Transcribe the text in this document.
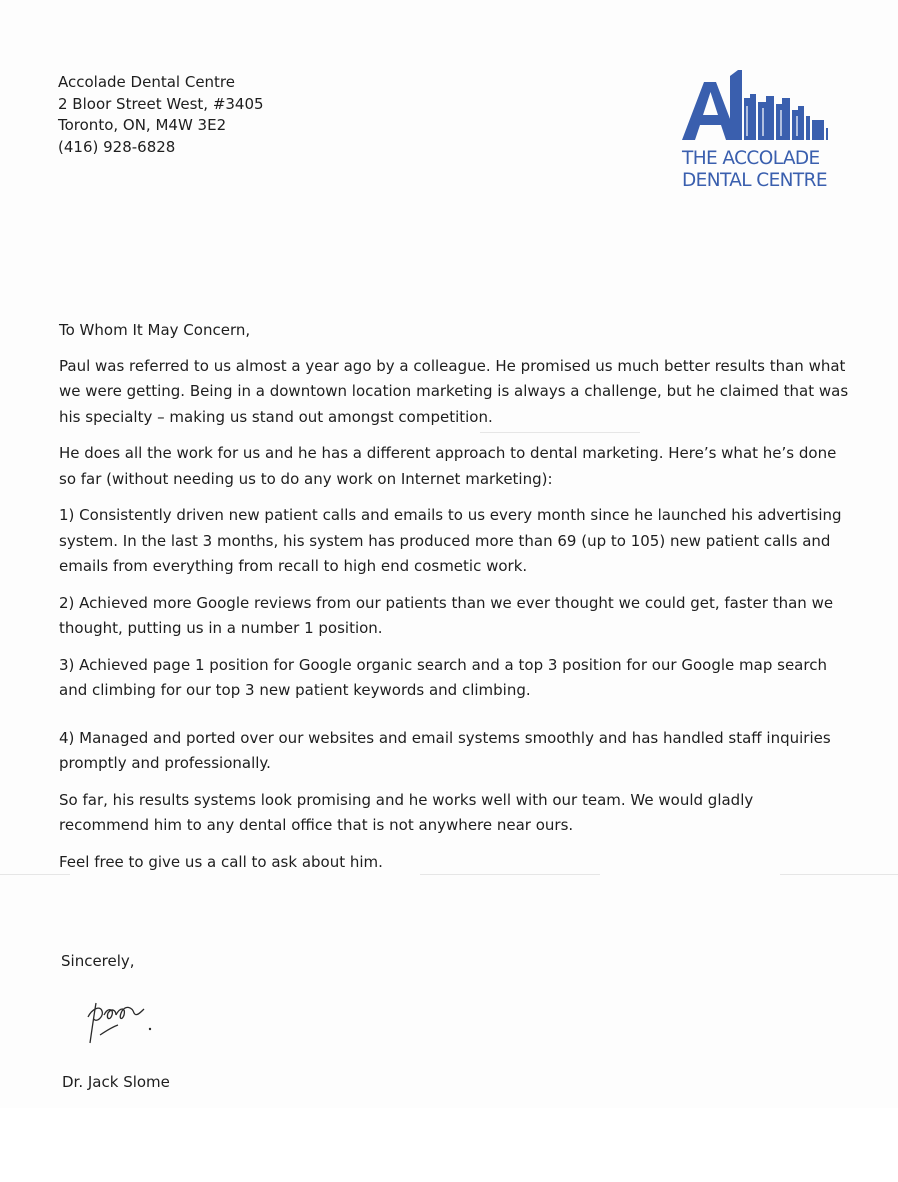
Accolade Dental Centre
2 Bloor Street West, #3405
Toronto, ON, M4W 3E2
(416) 928-6828
THE ACCOLADE
DENTAL CENTRE

To Whom It May Concern,

Paul was referred to us almost a year ago by a colleague. He promised us much better results than what

we were getting. Being in a downtown location marketing is always a challenge, but he claimed that was

his specialty – making us stand out amongst competition.

He does all the work for us and he has a different approach to dental marketing. Here’s what he’s done

so far (without needing us to do any work on Internet marketing):

1) Consistently driven new patient calls and emails to us every month since he launched his advertising

system. In the last 3 months, his system has produced more than 69 (up to 105) new patient calls and

emails from everything from recall to high end cosmetic work.

2) Achieved more Google reviews from our patients than we ever thought we could get, faster than we

thought, putting us in a number 1 position.

3) Achieved page 1 position for Google organic search and a top 3 position for our Google map search

and climbing for our top 3 new patient keywords and climbing.

4) Managed and ported over our websites and email systems smoothly and has handled staff inquiries

promptly and professionally.

So far, his results systems look promising and he works well with our team. We would gladly

recommend him to any dental office that is not anywhere near ours.

Feel free to give us a call to ask about him.

Sincerely,
Dr. Jack Slome
